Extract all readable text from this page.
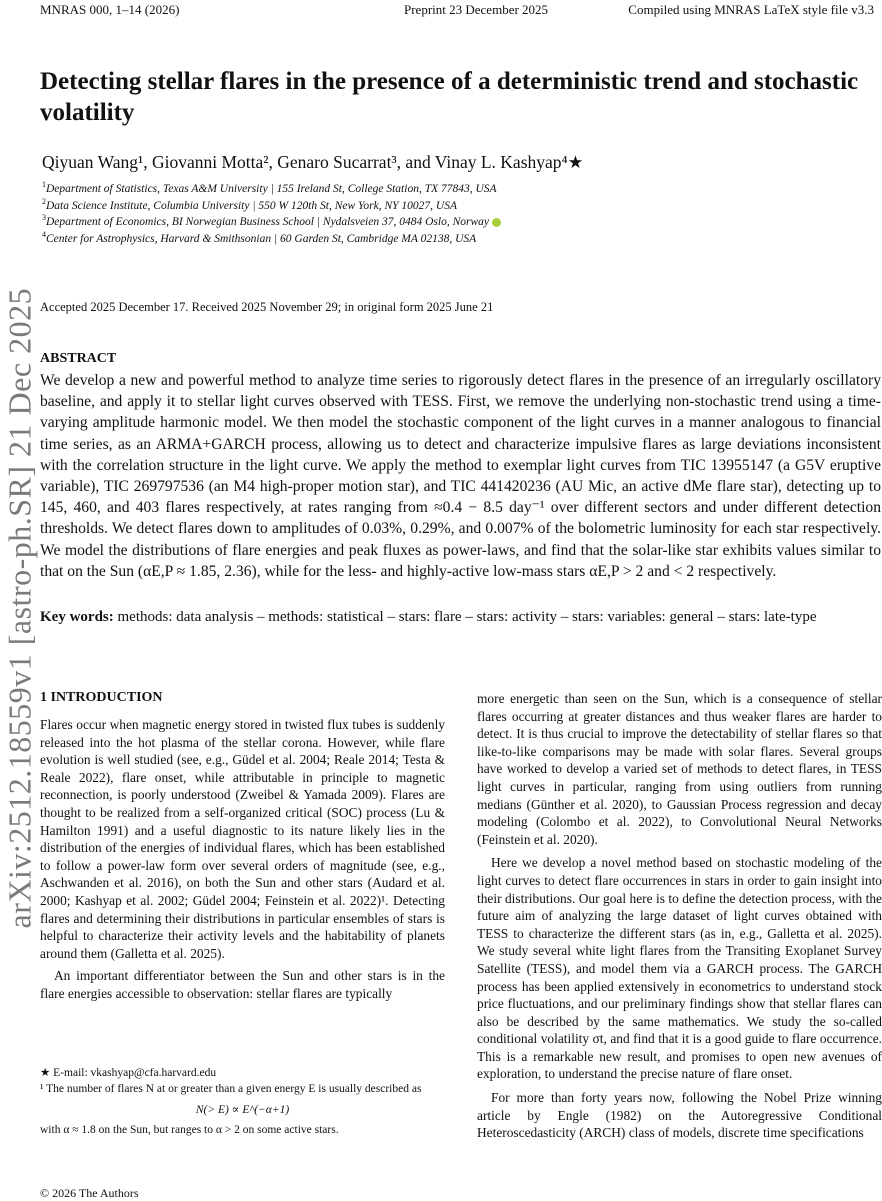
MNRAS 000, 1–14 (2026)	Preprint 23 December 2025	Compiled using MNRAS LaTeX style file v3.3
arXiv:2512.18559v1 [astro-ph.SR] 21 Dec 2025
Detecting stellar flares in the presence of a deterministic trend and stochastic volatility
Qiyuan Wang¹, Giovanni Motta², Genaro Sucarrat³, and Vinay L. Kashyap⁴★
$^1$Department of Statistics, Texas A&M University | 155 Ireland St, College Station, TX 77843, USA
$^2$Data Science Institute, Columbia University | 550 W 120th St, New York, NY 10027, USA
$^3$Department of Economics, BI Norwegian Business School | Nydalsveien 37, 0484 Oslo, Norway
$^4$Center for Astrophysics, Harvard & Smithsonian | 60 Garden St, Cambridge MA 02138, USA
Accepted 2025 December 17. Received 2025 November 29; in original form 2025 June 21
ABSTRACT
We develop a new and powerful method to analyze time series to rigorously detect flares in the presence of an irregularly oscillatory baseline, and apply it to stellar light curves observed with TESS. First, we remove the underlying non-stochastic trend using a time-varying amplitude harmonic model. We then model the stochastic component of the light curves in a manner analogous to financial time series, as an ARMA+GARCH process, allowing us to detect and characterize impulsive flares as large deviations inconsistent with the correlation structure in the light curve. We apply the method to exemplar light curves from TIC 13955147 (a G5V eruptive variable), TIC 269797536 (an M4 high-proper motion star), and TIC 441420236 (AU Mic, an active dMe flare star), detecting up to 145, 460, and 403 flares respectively, at rates ranging from ≈0.4 − 8.5 day⁻¹ over different sectors and under different detection thresholds. We detect flares down to amplitudes of 0.03%, 0.29%, and 0.007% of the bolometric luminosity for each star respectively. We model the distributions of flare energies and peak fluxes as power-laws, and find that the solar-like star exhibits values similar to that on the Sun (αE,P ≈ 1.85, 2.36), while for the less- and highly-active low-mass stars αE,P > 2 and < 2 respectively.
Key words: methods: data analysis – methods: statistical – stars: flare – stars: activity – stars: variables: general – stars: late-type
1 INTRODUCTION

Flares occur when magnetic energy stored in twisted flux tubes is suddenly released into the hot plasma of the stellar corona. However, while flare evolution is well studied (see, e.g., Güdel et al. 2004; Reale 2014; Testa & Reale 2022), flare onset, while attributable in principle to magnetic reconnection, is poorly understood (Zweibel & Yamada 2009). Flares are thought to be realized from a self-organized critical (SOC) process (Lu & Hamilton 1991) and a useful diagnostic to its nature likely lies in the distribution of the energies of individual flares, which has been established to follow a power-law form over several orders of magnitude (see, e.g., Aschwanden et al. 2016), on both the Sun and other stars (Audard et al. 2000; Kashyap et al. 2002; Güdel 2004; Feinstein et al. 2022)¹. Detecting flares and determining their distributions in particular ensembles of stars is helpful to characterize their activity levels and the habitability of planets around them (Galletta et al. 2025).

An important differentiator between the Sun and other stars is in the flare energies accessible to observation: stellar flares are typically

more energetic than seen on the Sun, which is a consequence of stellar flares occurring at greater distances and thus weaker flares are harder to detect. It is thus crucial to improve the detectability of stellar flares so that like-to-like comparisons may be made with solar flares. Several groups have worked to develop a varied set of methods to detect flares, in TESS light curves in particular, ranging from using outliers from running medians (Günther et al. 2020), to Gaussian Process regression and decay modeling (Colombo et al. 2022), to Convolutional Neural Networks (Feinstein et al. 2020).

Here we develop a novel method based on stochastic modeling of the light curves to detect flare occurrences in stars in order to gain insight into their distributions. Our goal here is to define the detection process, with the future aim of analyzing the large dataset of light curves obtained with TESS to characterize the different stars (as in, e.g., Galletta et al. 2025). We study several white light flares from the Transiting Exoplanet Survey Satellite (TESS), and model them via a GARCH process. The GARCH process has been applied extensively in econometrics to understand stock price fluctuations, and our preliminary findings show that stellar flares can also be described by the same mathematics. We study the so-called conditional volatility σt, and find that it is a good guide to flare occurrence. This is a remarkable new result, and promises to open new avenues of exploration, to understand the precise nature of flare onset.

For more than forty years now, following the Nobel Prize winning article by Engle (1982) on the Autoregressive Conditional Heteroscedasticity (ARCH) class of models, discrete time specifications

★ E-mail: vkashyap@cfa.harvard.edu
¹ The number of flares N at or greater than a given energy E is usually described as
N(> E) ∝ E^(−α+1)
with α ≈ 1.8 on the Sun, but ranges to α > 2 on some active stars.
© 2026 The Authors
